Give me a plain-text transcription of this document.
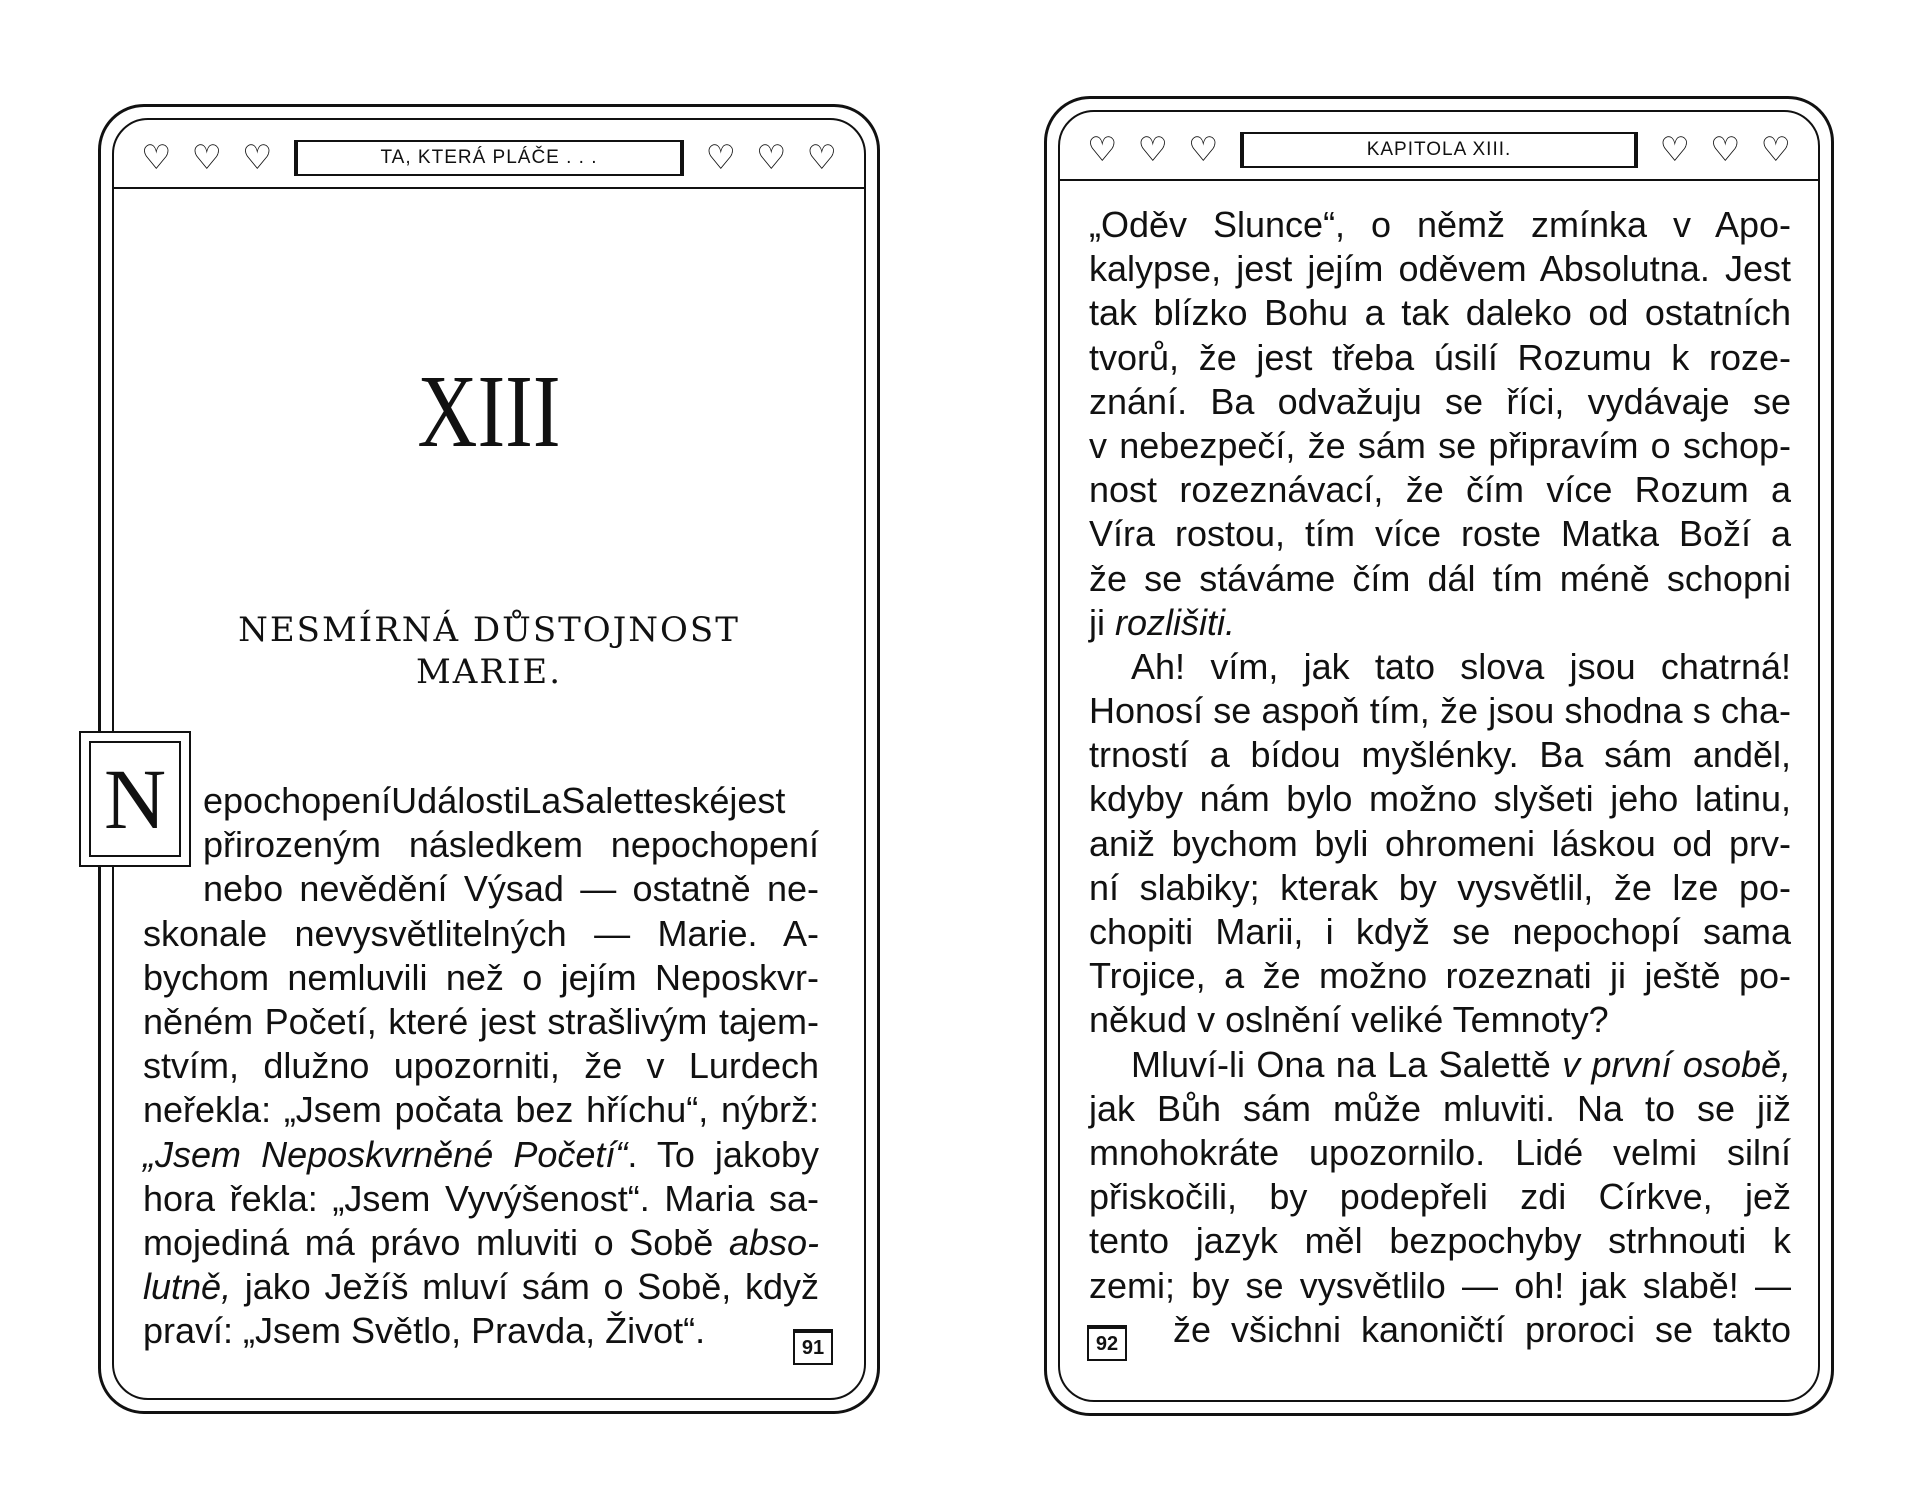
♡ ♡ ♡	TA, KTERÁ PLÁČE . . .	♡ ♡ ♡
XIII
NESMÍRNÁ DŮSTOJNOST
MARIE.
N	epochopeníUdálostiLaSaletteskéjest
přirozeným následkem nepochopení
nebo nevědění Výsad — ostatně ne-
skonale nevysvětlitelných — Marie. A-
bychom nemluvili než o jejím Neposkvr-
něném Početí, které jest strašlivým tajem-
stvím, dlužno upozorniti, že v Lurdech
neřekla: „Jsem počata bez hříchu“, nýbrž:
„Jsem Neposkvrněné Početí“. To jakoby
hora řekla: „Jsem Vyvýšenost“. Maria sa-
mojediná má právo mluviti o Sobě abso-
lutně, jako Ježíš mluví sám o Sobě, když
praví: „Jsem Světlo, Pravda, Život“.	91
♡ ♡ ♡	KAPITOLA XIII.	♡ ♡ ♡
„Oděv Slunce“, o němž zmínka v Apo-
kalypse, jest jejím oděvem Absolutna. Jest
tak blízko Bohu a tak daleko od ostatních
tvorů, že jest třeba úsilí Rozumu k roze-
znání. Ba odvažuju se říci, vydávaje se
v nebezpečí, že sám se připravím o schop-
nost rozeznávací, že čím více Rozum a
Víra rostou, tím více roste Matka Boží a
že se stáváme čím dál tím méně schopni
ji rozlišiti.
Ah! vím, jak tato slova jsou chatrná!
Honosí se aspoň tím, že jsou shodna s cha-
trností a bídou myšlénky. Ba sám anděl,
kdyby nám bylo možno slyšeti jeho latinu,
aniž bychom byli ohromeni láskou od prv-
ní slabiky; kterak by vysvětlil, že lze po-
chopiti Marii, i když se nepochopí sama
Trojice, a že možno rozeznati ji ještě po-
někud v oslnění veliké Temnoty?
Mluví-li Ona na La Salettě v první osobě,
jak Bůh sám může mluviti. Na to se již
mnohokráte upozornilo. Lidé velmi silní
přiskočili, by podepřeli zdi Církve, jež
tento jazyk měl bezpochyby strhnouti k
zemi; by se vysvětlilo — oh! jak slabě! —
že všichni kanoničtí proroci se takto
92
